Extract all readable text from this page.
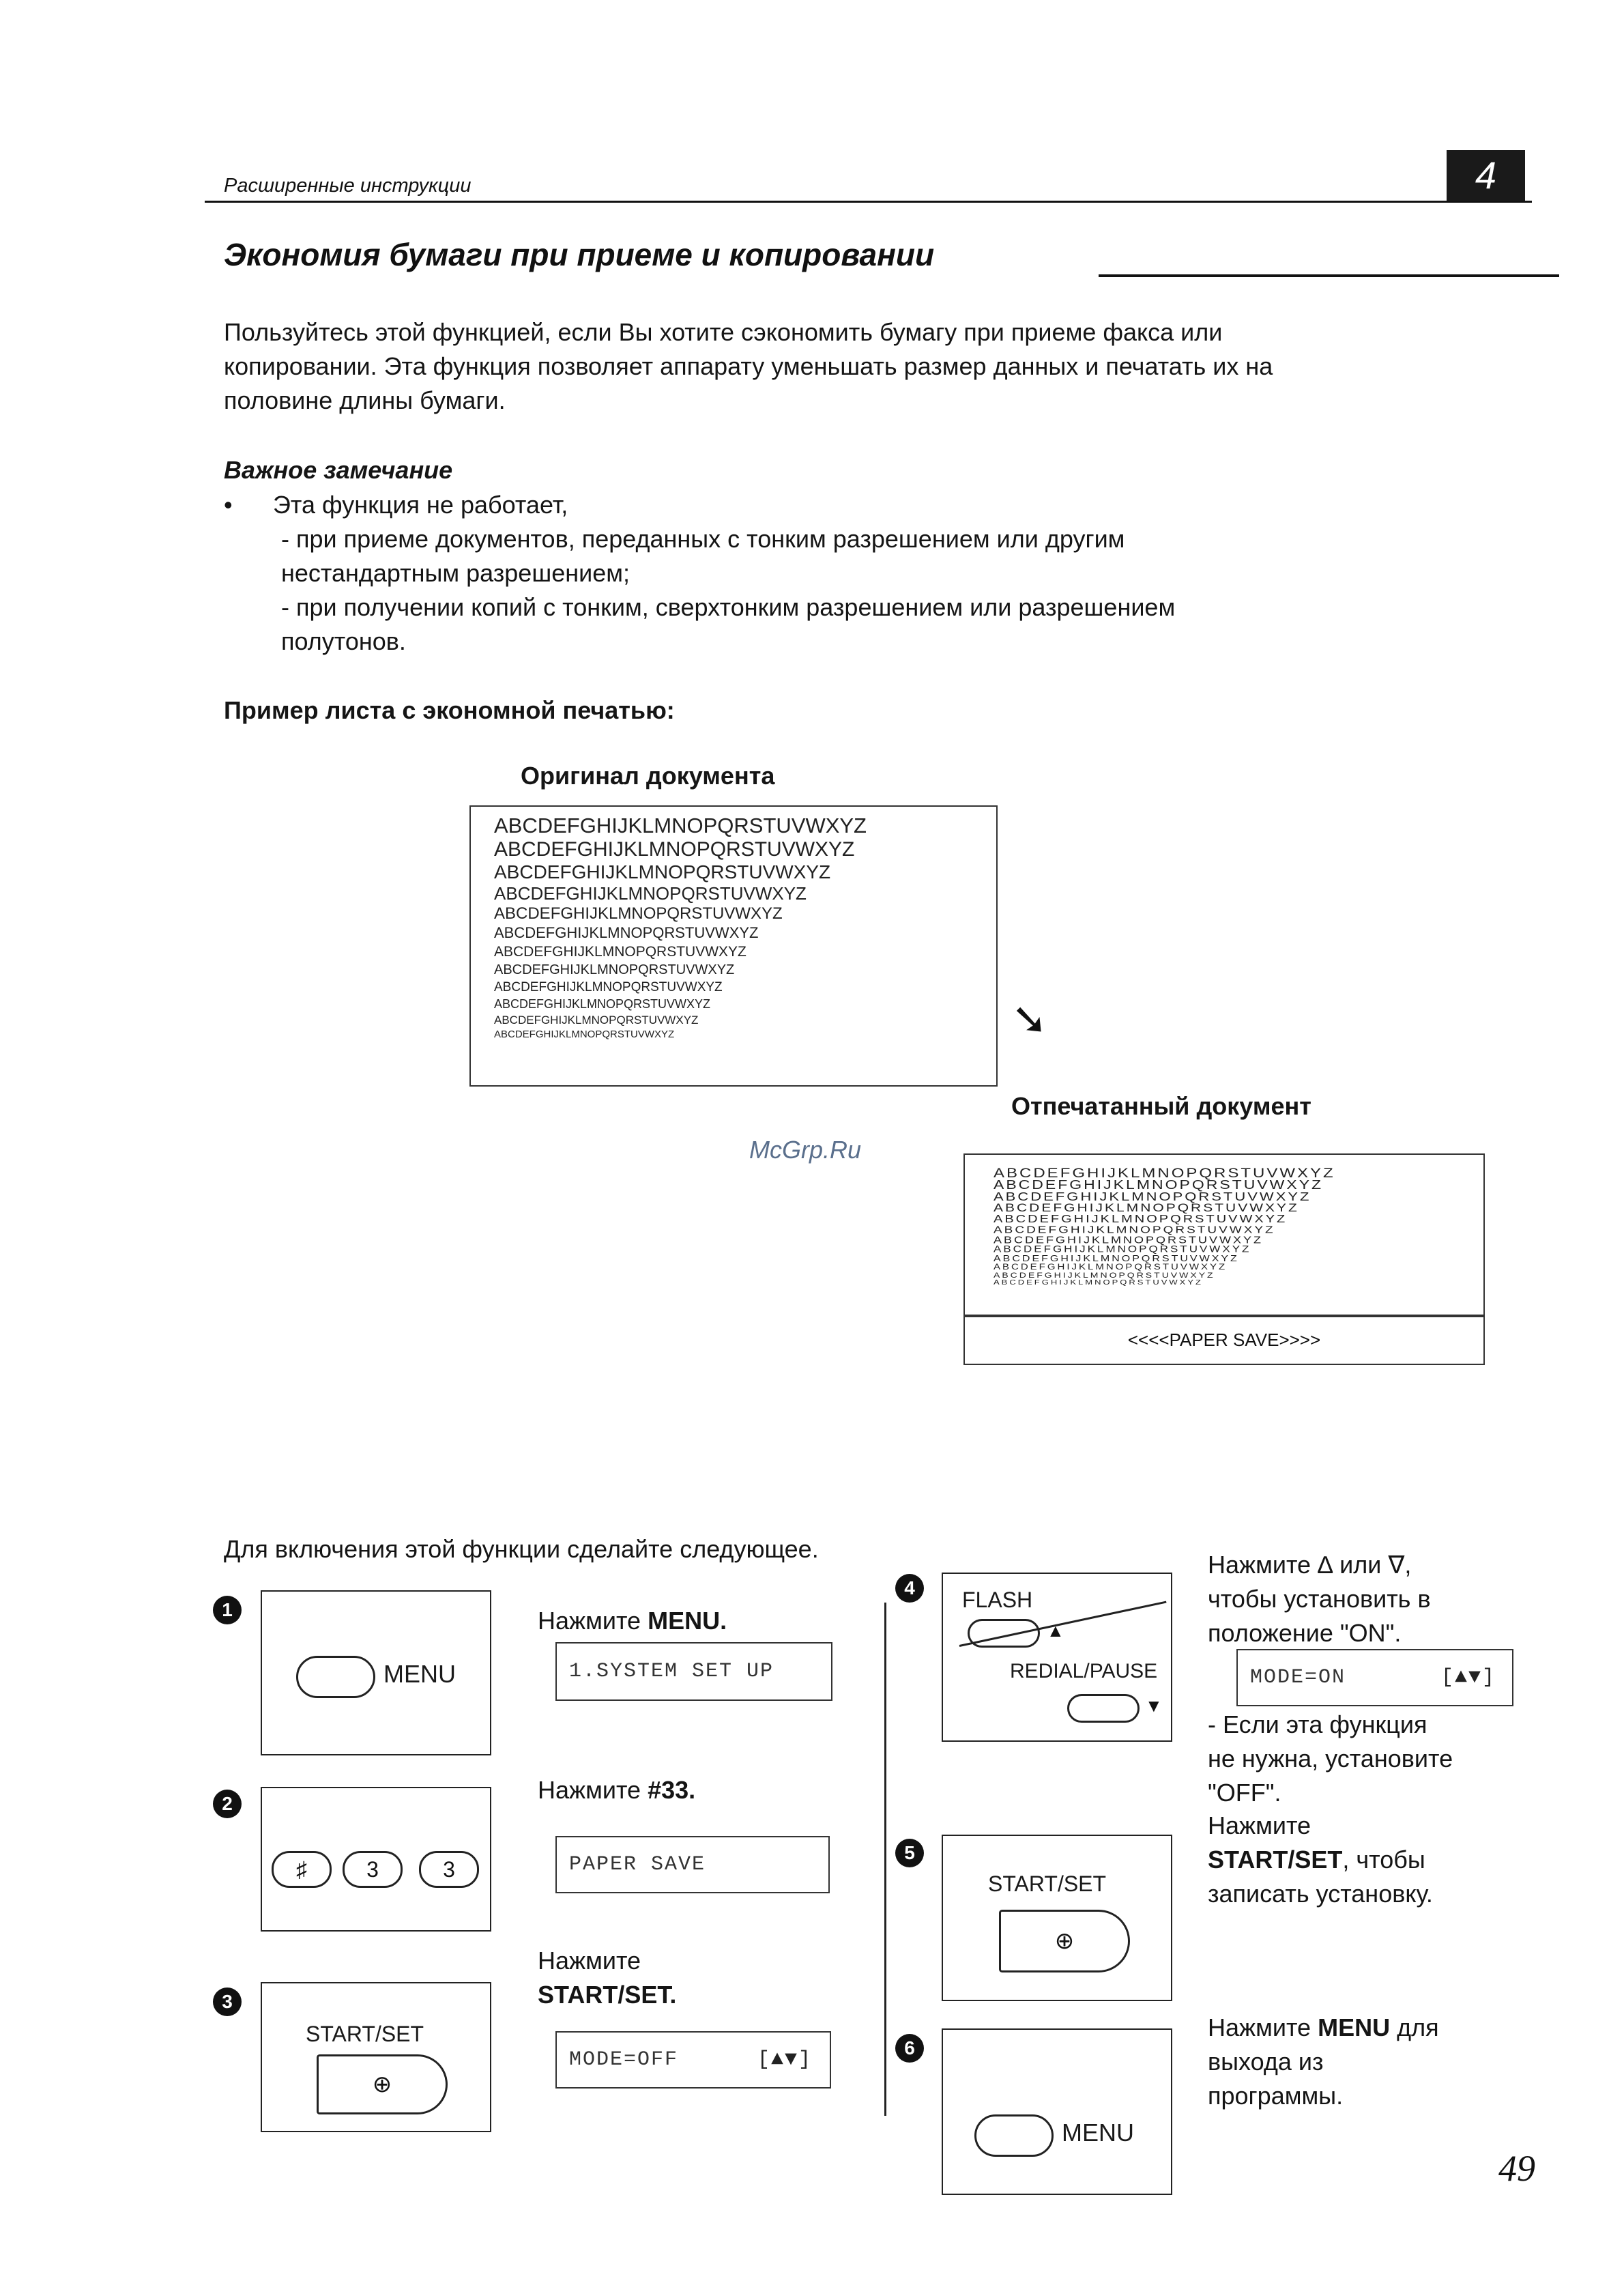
Расширенные инструкции	4
Экономия бумаги при приеме и копировании
Пользуйтесь этой функцией, если Вы хотите сэкономить бумагу при приеме факса или
копировании. Эта функция позволяет аппарату уменьшать размер данных и печатать их на
половине длины бумаги.
Важное замечание
• Эта функция не работает,
- при приеме документов, переданных с тонким разрешением или другим
нестандартным разрешением;
- при получении копий с тонким, сверхтонким разрешением или разрешением
полутонов.
Пример листа с экономной печатью:
Оригинал документа
ABCDEFGHIJKLMNOPQRSTUVWXYZ
ABCDEFGHIJKLMNOPQRSTUVWXYZ
ABCDEFGHIJKLMNOPQRSTUVWXYZ
ABCDEFGHIJKLMNOPQRSTUVWXYZ
ABCDEFGHIJKLMNOPQRSTUVWXYZ
ABCDEFGHIJKLMNOPQRSTUVWXYZ
ABCDEFGHIJKLMNOPQRSTUVWXYZ
ABCDEFGHIJKLMNOPQRSTUVWXYZ
ABCDEFGHIJKLMNOPQRSTUVWXYZ
ABCDEFGHIJKLMNOPQRSTUVWXYZ
ABCDEFGHIJKLMNOPQRSTUVWXYZ
ABCDEFGHIJKLMNOPQRSTUVWXYZ	➘
Отпечатанный документ
McGrp.Ru
ABCDEFGHIJKLMNOPQRSTUVWXYZ
ABCDEFGHIJKLMNOPQRSTUVWXYZ
ABCDEFGHIJKLMNOPQRSTUVWXYZ
ABCDEFGHIJKLMNOPQRSTUVWXYZ
ABCDEFGHIJKLMNOPQRSTUVWXYZ
ABCDEFGHIJKLMNOPQRSTUVWXYZ
ABCDEFGHIJKLMNOPQRSTUVWXYZ
ABCDEFGHIJKLMNOPQRSTUVWXYZ
ABCDEFGHIJKLMNOPQRSTUVWXYZ
ABCDEFGHIJKLMNOPQRSTUVWXYZ
ABCDEFGHIJKLMNOPQRSTUVWXYZ
ABCDEFGHIJKLMNOPQRSTUVWXYZ
<<<<PAPER SAVE>>>>
Для включения этой функции сделайте следующее.
1
MENU
Нажмите MENU.
1.SYSTEM SET UP
2
♯	3	3
Нажмите #33.
PAPER SAVE
3
START/SET
⊕
Нажмите
START/SET.
MODE=OFF	[▲▼]
4	FLASH
▲
REDIAL/PAUSE
▼
Нажмите ∆ или ∇,
чтобы установить в
положение "ON".
MODE=ON	[▲▼]
- Если эта функция
не нужна, установите
"OFF".
5
START/SET
⊕
Нажмите
START/SET, чтобы
записать установку.
6
MENU
Нажмите MENU для
выхода из
программы.
49
